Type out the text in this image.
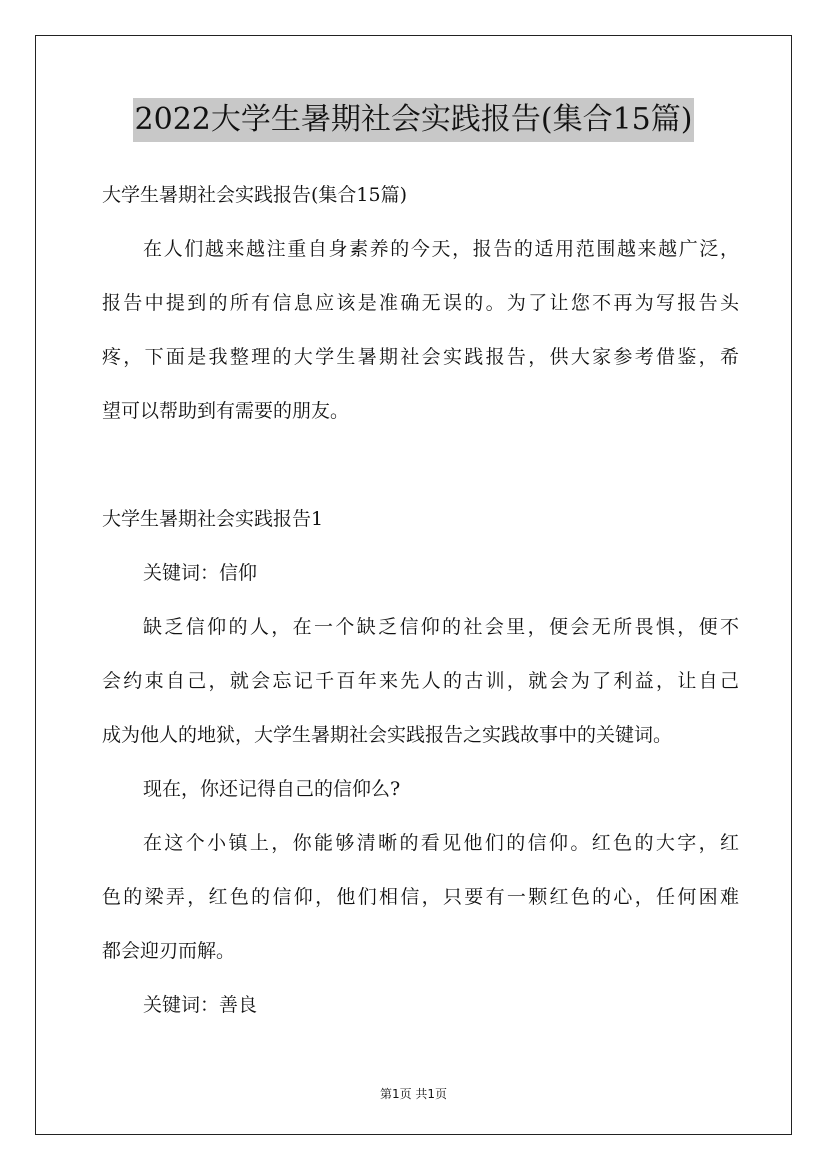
2022大学生暑期社会实践报告(集合15篇)
大学生暑期社会实践报告(集合15篇)
在人们越来越注重自身素养的今天，报告的适用范围越来越广泛，
报告中提到的所有信息应该是准确无误的。为了让您不再为写报告头
疼，下面是我整理的大学生暑期社会实践报告，供大家参考借鉴，希
望可以帮助到有需要的朋友。
大学生暑期社会实践报告1
关键词：信仰
缺乏信仰的人，在一个缺乏信仰的社会里，便会无所畏惧，便不
会约束自己，就会忘记千百年来先人的古训，就会为了利益，让自己
成为他人的地狱，大学生暑期社会实践报告之实践故事中的关键词。
现在，你还记得自己的信仰么?
在这个小镇上，你能够清晰的看见他们的信仰。红色的大字，红
色的梁弄，红色的信仰，他们相信，只要有一颗红色的心，任何困难
都会迎刃而解。
关键词：善良
第1页 共1页
